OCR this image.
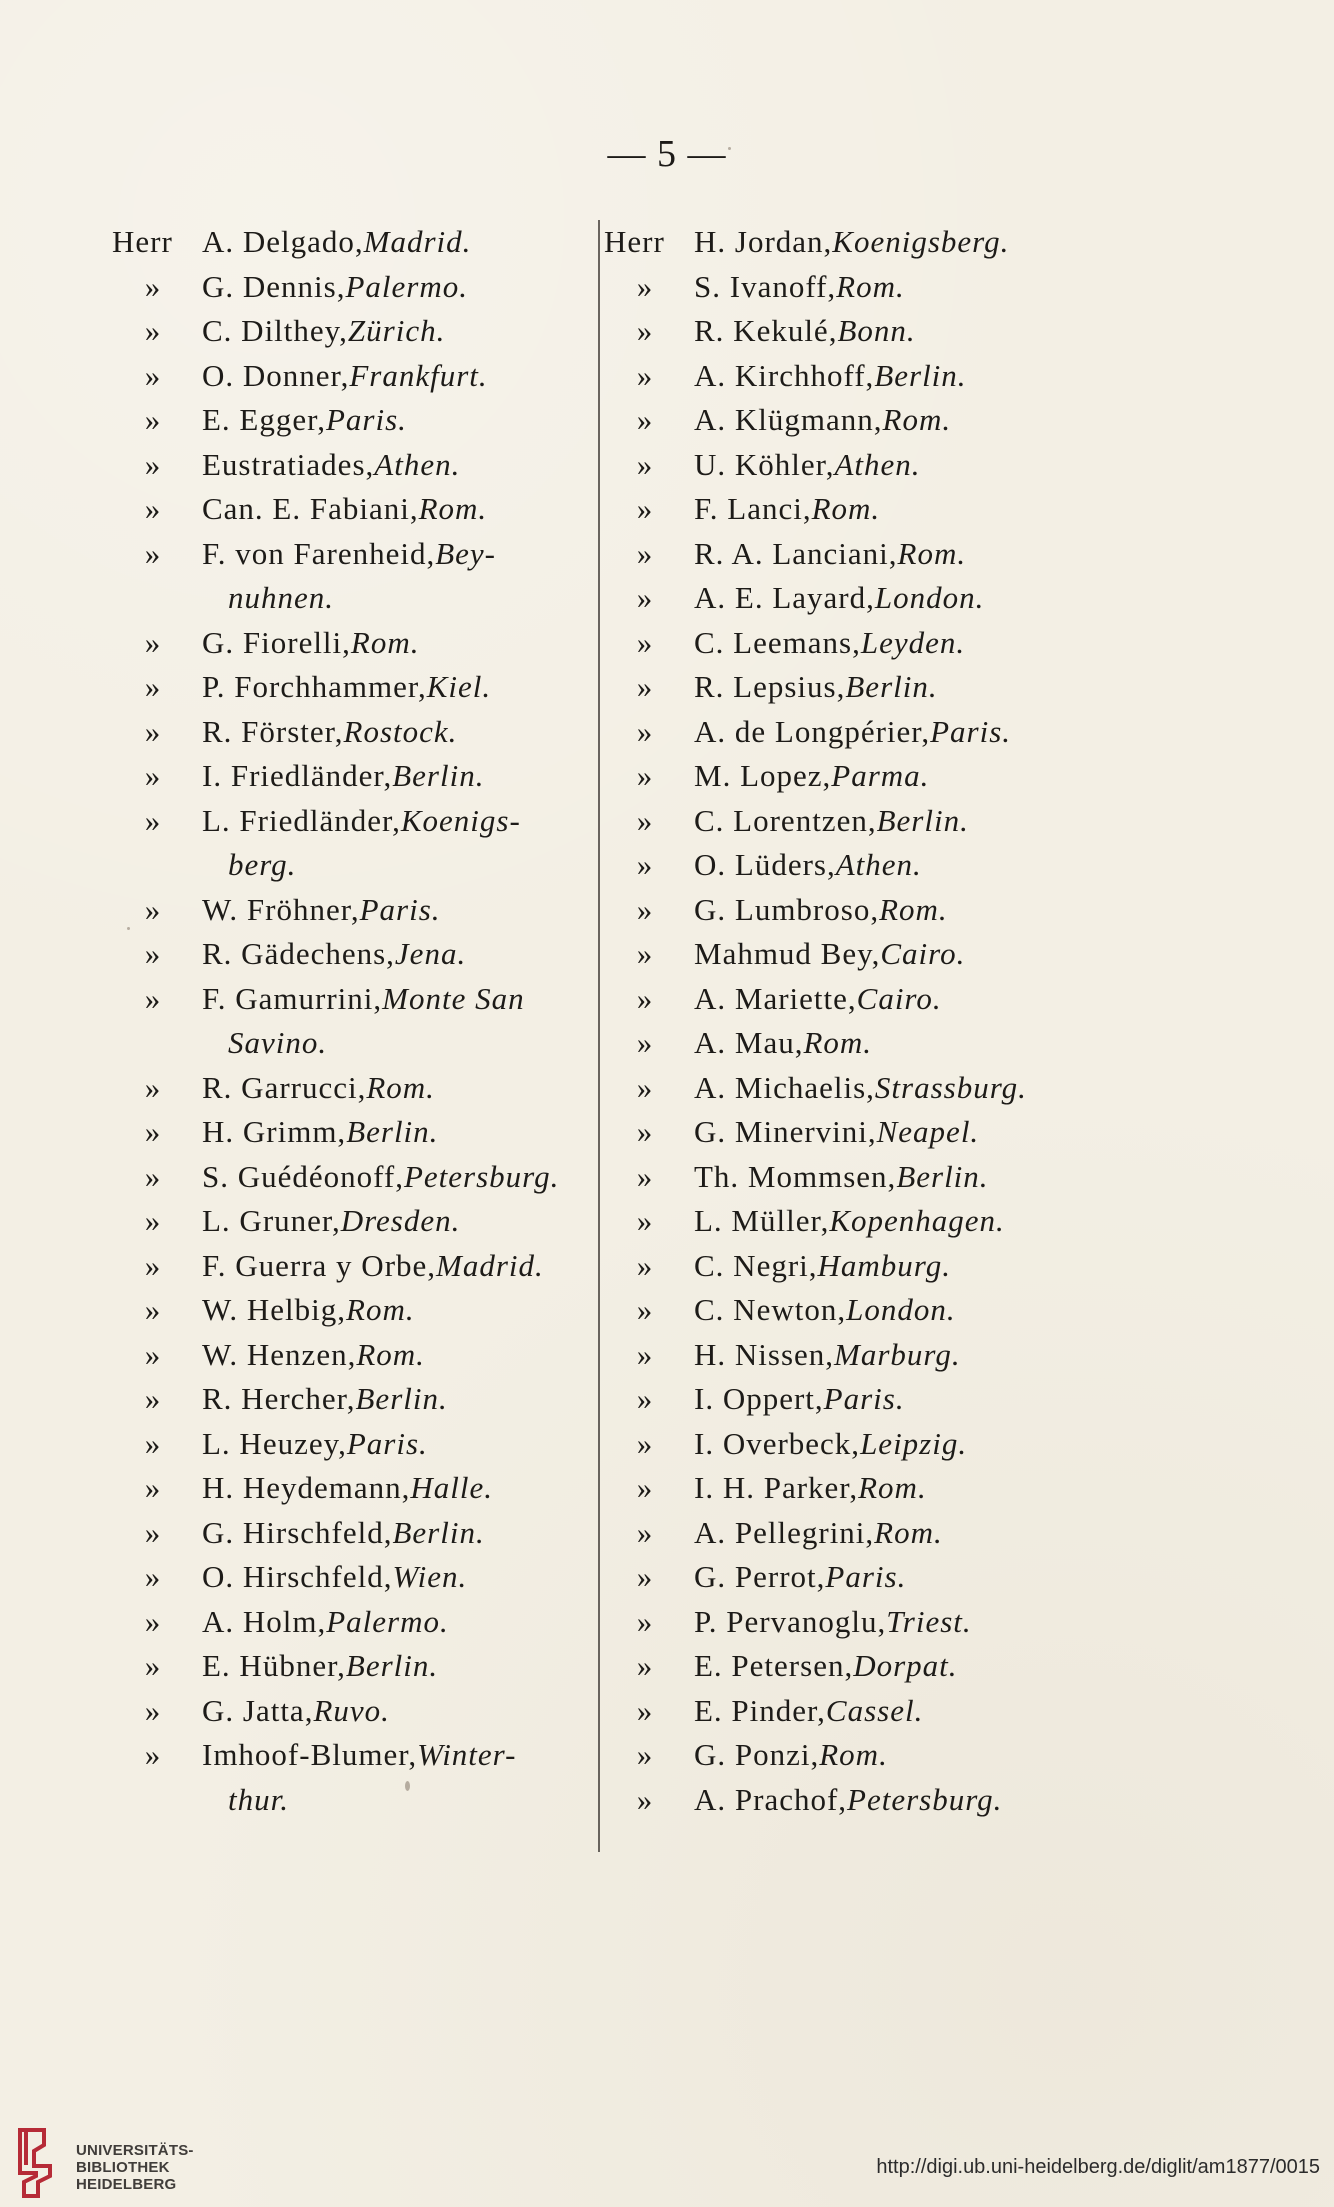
— 5 —
Herr A. Delgado, Madrid.
»	G. Dennis, Palermo.
»	C. Dilthey, Zürich.
»	O. Donner, Frankfurt.
»	E. Egger, Paris.
»	Eustratiades, Athen.
»	Can. E. Fabiani, Rom.
»	F. von Farenheid, Bey-
nuhnen.
»	G. Fiorelli, Rom.
»	P. Forchhammer, Kiel.
»	R. Förster, Rostock.
»	I. Friedländer, Berlin.
»	L. Friedländer, Koenigs-
berg.
»	W. Fröhner, Paris.
»	R. Gädechens, Jena.
»	F. Gamurrini, Monte San
Savino.
»	R. Garrucci, Rom.
»	H. Grimm, Berlin.
»	S. Guédéonoff, Petersburg.
»	L. Gruner, Dresden.
»	F. Guerra y Orbe, Madrid.
»	W. Helbig, Rom.
»	W. Henzen, Rom.
»	R. Hercher, Berlin.
»	L. Heuzey, Paris.
»	H. Heydemann, Halle.
»	G. Hirschfeld, Berlin.
»	O. Hirschfeld, Wien.
»	A. Holm, Palermo.
»	E. Hübner, Berlin.
»	G. Jatta, Ruvo.
»	Imhoof-Blumer, Winter-
thur.
Herr H. Jordan, Koenigsberg.
»	S. Ivanoff, Rom.
»	R. Kekulé, Bonn.
»	A. Kirchhoff, Berlin.
»	A. Klügmann, Rom.
»	U. Köhler, Athen.
»	F. Lanci, Rom.
»	R. A. Lanciani, Rom.
»	A. E. Layard, London.
»	C. Leemans, Leyden.
»	R. Lepsius, Berlin.
»	A. de Longpérier, Paris.
»	M. Lopez, Parma.
»	C. Lorentzen, Berlin.
»	O. Lüders, Athen.
»	G. Lumbroso, Rom.
»	Mahmud Bey, Cairo.
»	A. Mariette, Cairo.
»	A. Mau, Rom.
»	A. Michaelis, Strassburg.
»	G. Minervini, Neapel.
»	Th. Mommsen, Berlin.
»	L. Müller, Kopenhagen.
»	C. Negri, Hamburg.
»	C. Newton, London.
»	H. Nissen, Marburg.
»	I. Oppert, Paris.
»	I. Overbeck, Leipzig.
»	I. H. Parker, Rom.
»	A. Pellegrini, Rom.
»	G. Perrot, Paris.
»	P. Pervanoglu, Triest.
»	E. Petersen, Dorpat.
»	E. Pinder, Cassel.
»	G. Ponzi, Rom.
»	A. Prachof, Petersburg.
UNIVERSITÄTS-
BIBLIOTHEK
HEIDELBERG
http://digi.ub.uni-heidelberg.de/diglit/am1877/0015
